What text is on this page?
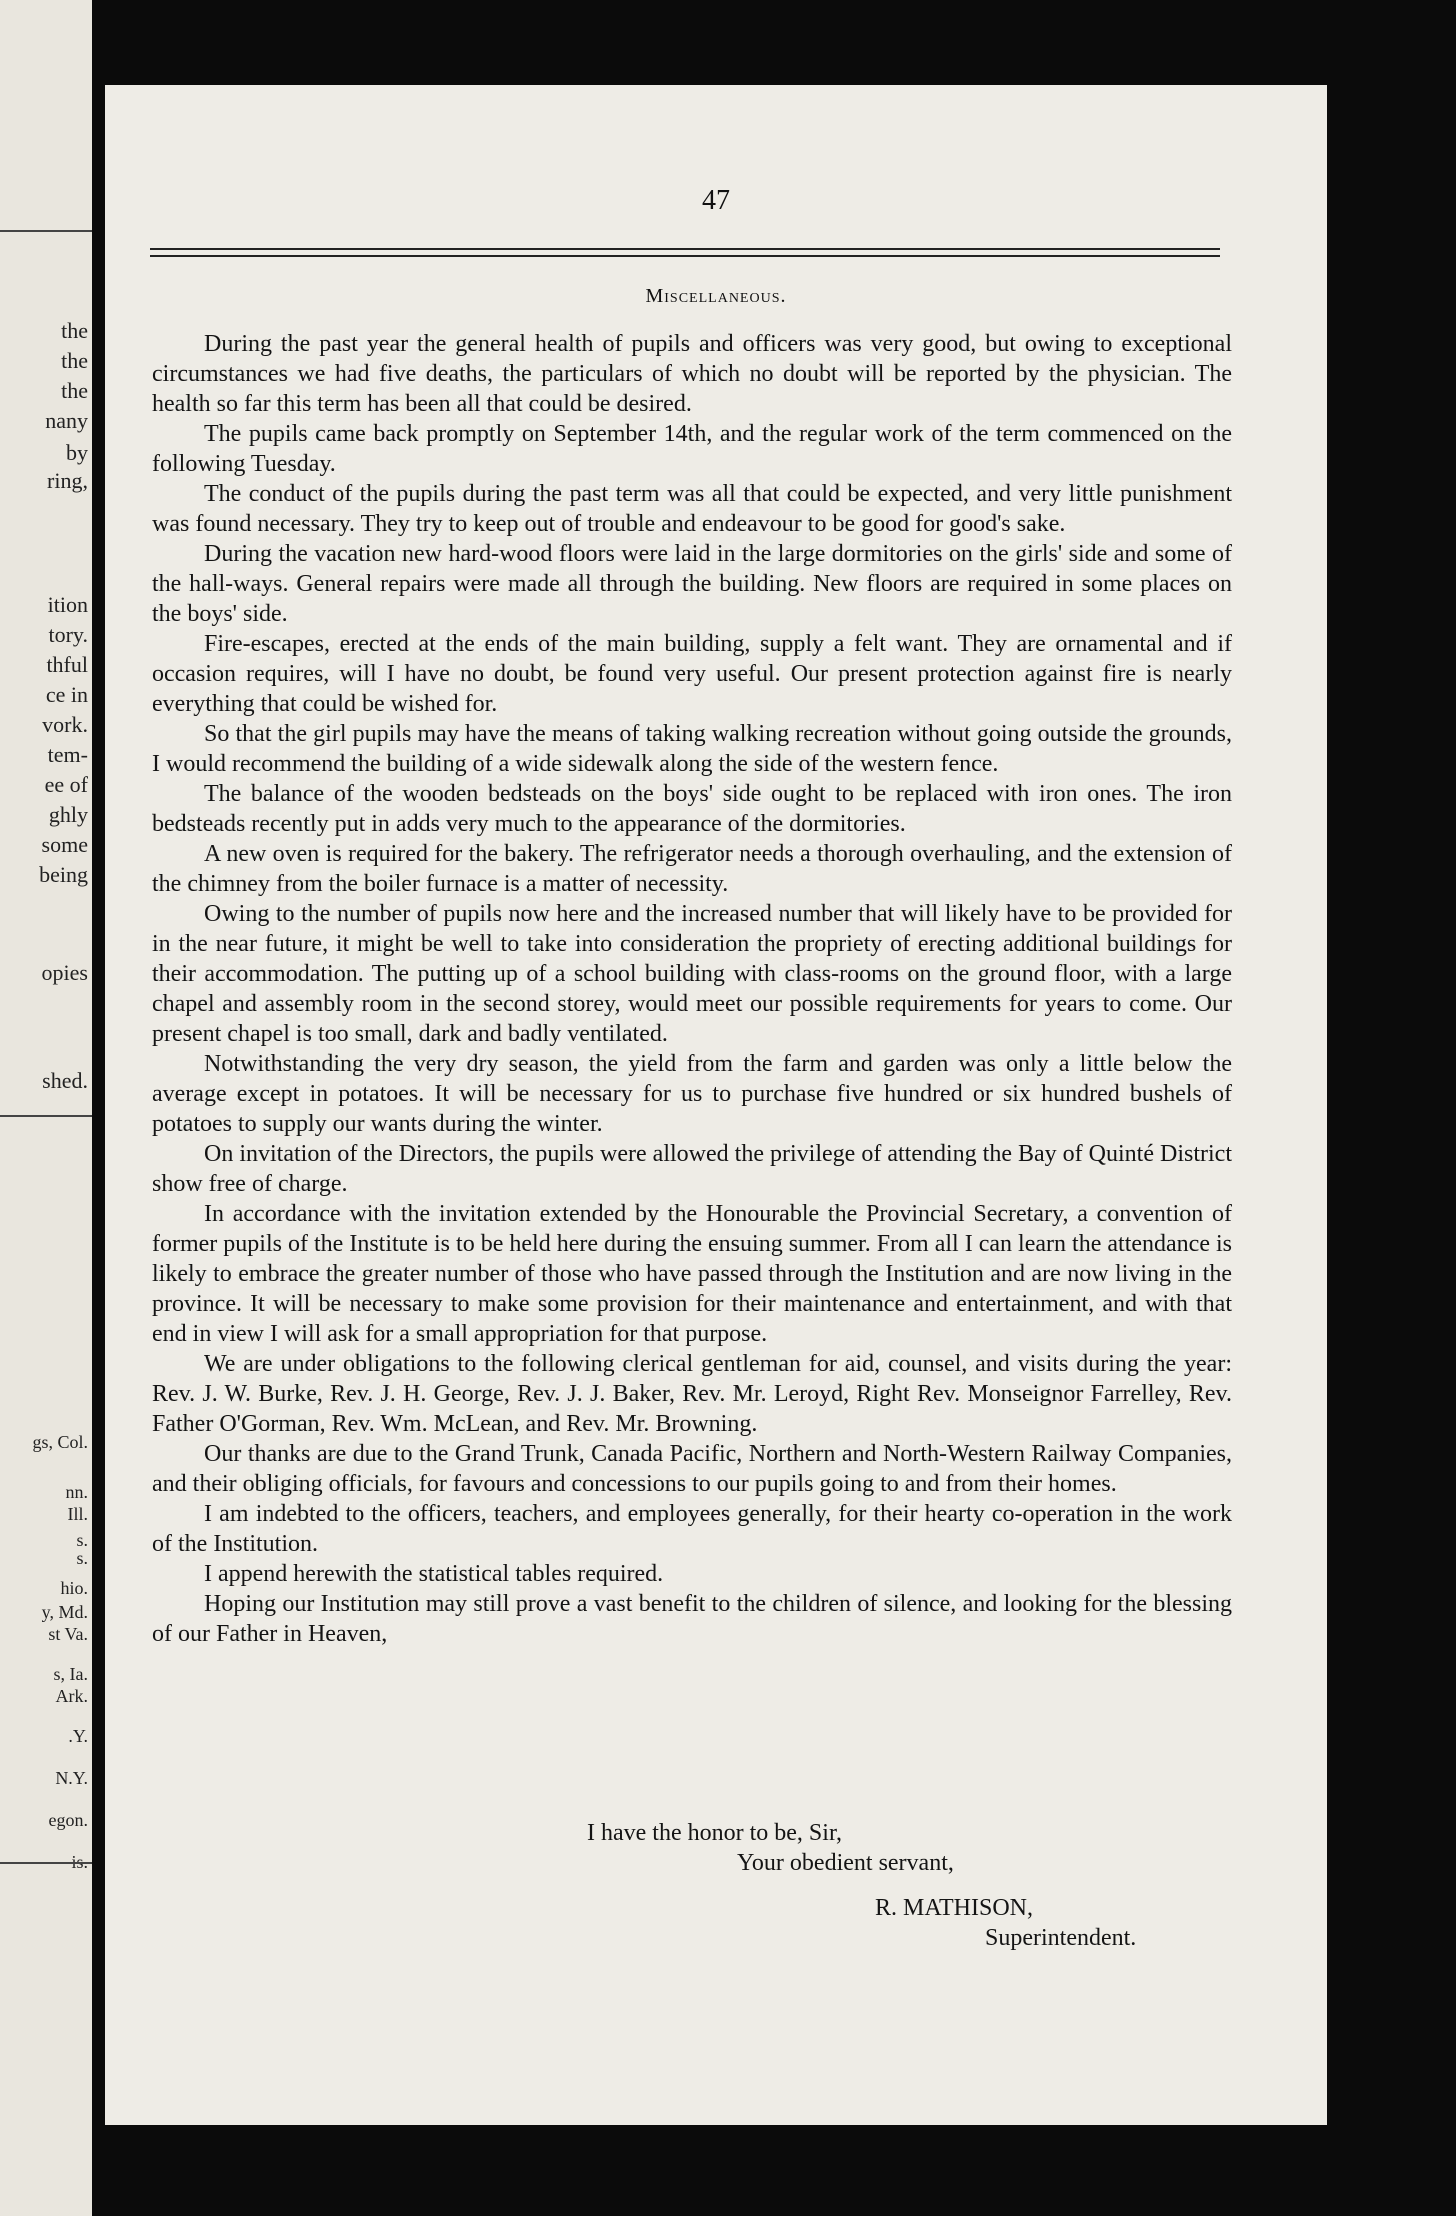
the
the
the
nany
by
ring,
ition
tory.
thful
ce in
vork.
tem-
ee of
ghly
some
being
opies
shed.
gs, Col.
nn.
Ill.
s.
s.
hio.
y, Md.
st Va.
s, Ia.
Ark.
.Y.
N.Y.
egon.
is.
47
Miscellaneous.

During the past year the general health of pupils and officers was very good, but owing to exceptional circumstances we had five deaths, the particulars of which no doubt will be reported by the physician. The health so far this term has been all that could be desired.

The pupils came back promptly on September 14th, and the regular work of the term commenced on the following Tuesday.

The conduct of the pupils during the past term was all that could be expected, and very little punishment was found necessary. They try to keep out of trouble and endeavour to be good for good's sake.

During the vacation new hard-wood floors were laid in the large dormitories on the girls' side and some of the hall-ways. General repairs were made all through the building. New floors are required in some places on the boys' side.

Fire-escapes, erected at the ends of the main building, supply a felt want. They are ornamental and if occasion requires, will I have no doubt, be found very useful. Our present protection against fire is nearly everything that could be wished for.

So that the girl pupils may have the means of taking walking recreation without going outside the grounds, I would recommend the building of a wide sidewalk along the side of the western fence.

The balance of the wooden bedsteads on the boys' side ought to be replaced with iron ones. The iron bedsteads recently put in adds very much to the appearance of the dormitories.

A new oven is required for the bakery. The refrigerator needs a thorough overhauling, and the extension of the chimney from the boiler furnace is a matter of necessity.

Owing to the number of pupils now here and the increased number that will likely have to be provided for in the near future, it might be well to take into consideration the propriety of erecting additional buildings for their accommodation. The putting up of a school building with class-rooms on the ground floor, with a large chapel and assembly room in the second storey, would meet our possible requirements for years to come. Our present chapel is too small, dark and badly ventilated.

Notwithstanding the very dry season, the yield from the farm and garden was only a little below the average except in potatoes. It will be necessary for us to purchase five hundred or six hundred bushels of potatoes to supply our wants during the winter.

On invitation of the Directors, the pupils were allowed the privilege of attending the Bay of Quinté District show free of charge.

In accordance with the invitation extended by the Honourable the Provincial Secretary, a convention of former pupils of the Institute is to be held here during the ensuing summer. From all I can learn the attendance is likely to embrace the greater number of those who have passed through the Institution and are now living in the province. It will be necessary to make some provision for their maintenance and entertainment, and with that end in view I will ask for a small appropriation for that purpose.

We are under obligations to the following clerical gentleman for aid, counsel, and visits during the year: Rev. J. W. Burke, Rev. J. H. George, Rev. J. J. Baker, Rev. Mr. Leroyd, Right Rev. Monseignor Farrelley, Rev. Father O'Gorman, Rev. Wm. McLean, and Rev. Mr. Browning.

Our thanks are due to the Grand Trunk, Canada Pacific, Northern and North-Western Railway Companies, and their obliging officials, for favours and concessions to our pupils going to and from their homes.

I am indebted to the officers, teachers, and employees generally, for their hearty co-operation in the work of the Institution.

I append herewith the statistical tables required.

Hoping our Institution may still prove a vast benefit to the children of silence, and looking for the blessing of our Father in Heaven,

I have the honor to be, Sir,
Your obedient servant,
R. MATHISON,
Superintendent.
